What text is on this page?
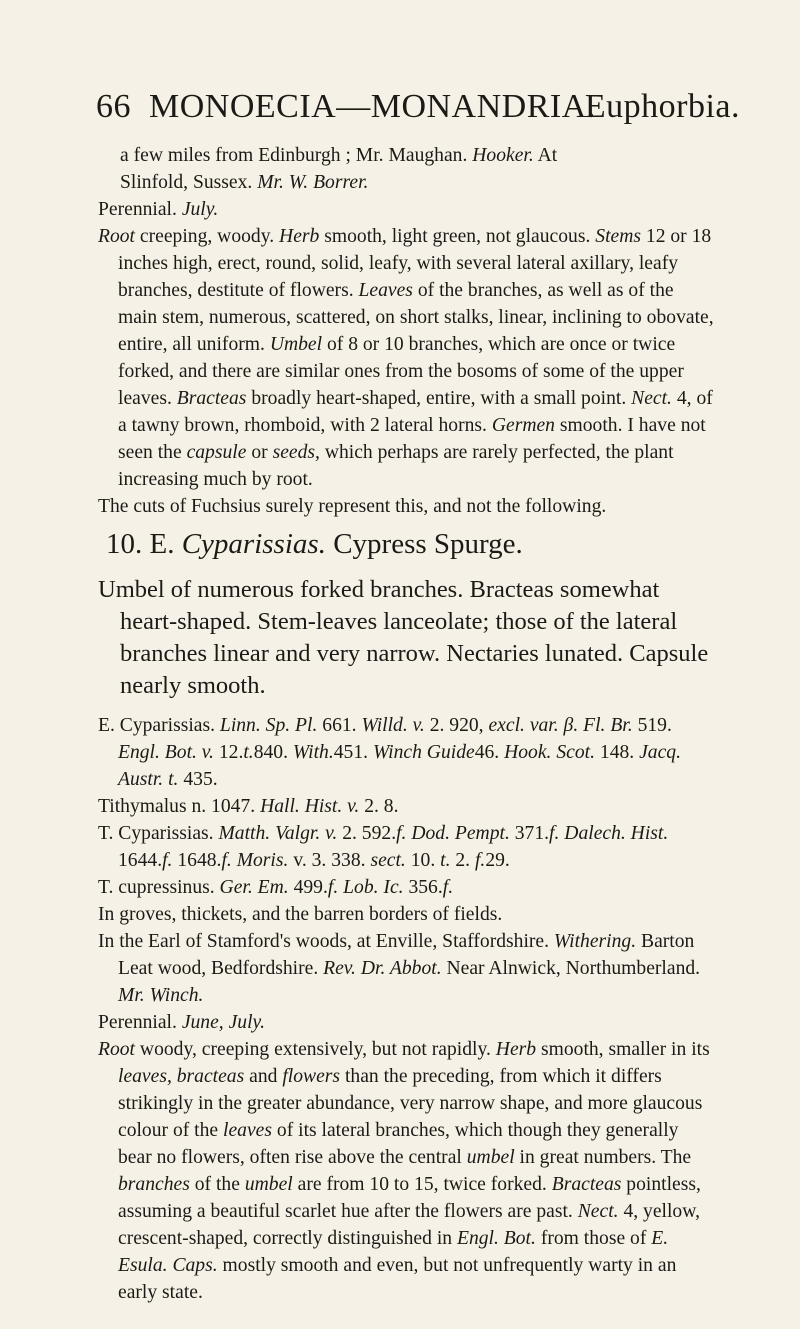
66 MONOECIA—MONANDRIA.
Euphorbia.

a few miles from Edinburgh ; Mr. Maughan. Hooker. At
Slinfold, Sussex. Mr. W. Borrer.

Perennial. July.

Root creeping, woody. Herb smooth, light green, not glaucous. Stems 12 or 18 inches high, erect, round, solid, leafy, with several lateral axillary, leafy branches, destitute of flowers. Leaves of the branches, as well as of the main stem, numerous, scattered, on short stalks, linear, inclining to obovate, entire, all uniform. Umbel of 8 or 10 branches, which are once or twice forked, and there are similar ones from the bosoms of some of the upper leaves. Bracteas broadly heart-shaped, entire, with a small point. Nect. 4, of a tawny brown, rhomboid, with 2 lateral horns. Germen smooth. I have not seen the capsule or seeds, which perhaps are rarely perfected, the plant increasing much by root.

The cuts of Fuchsius surely represent this, and not the following.

10. E. Cyparissias. Cypress Spurge.

Umbel of numerous forked branches. Bracteas somewhat heart-shaped. Stem-leaves lanceolate; those of the lateral branches linear and very narrow. Nectaries lunated. Capsule nearly smooth.

E. Cyparissias. Linn. Sp. Pl. 661. Willd. v. 2. 920, excl. var. β. Fl. Br. 519. Engl. Bot. v. 12.t.840. With.451. Winch Guide46. Hook. Scot. 148. Jacq. Austr. t. 435.

Tithymalus n. 1047. Hall. Hist. v. 2. 8.

T. Cyparissias. Matth. Valgr. v. 2. 592.f. Dod. Pempt. 371.f. Dalech. Hist. 1644.f. 1648.f. Moris. v. 3. 338. sect. 10. t. 2. f.29.

T. cupressinus. Ger. Em. 499.f. Lob. Ic. 356.f.

In groves, thickets, and the barren borders of fields.

In the Earl of Stamford's woods, at Enville, Staffordshire. Withering. Barton Leat wood, Bedfordshire. Rev. Dr. Abbot. Near Alnwick, Northumberland. Mr. Winch.

Perennial. June, July.

Root woody, creeping extensively, but not rapidly. Herb smooth, smaller in its leaves, bracteas and flowers than the preceding, from which it differs strikingly in the greater abundance, very narrow shape, and more glaucous colour of the leaves of its lateral branches, which though they generally bear no flowers, often rise above the central umbel in great numbers. The branches of the umbel are from 10 to 15, twice forked. Bracteas pointless, assuming a beautiful scarlet hue after the flowers are past. Nect. 4, yellow, crescent-shaped, correctly distinguished in Engl. Bot. from those of E. Esula. Caps. mostly smooth and even, but not unfrequently warty in an early state.
